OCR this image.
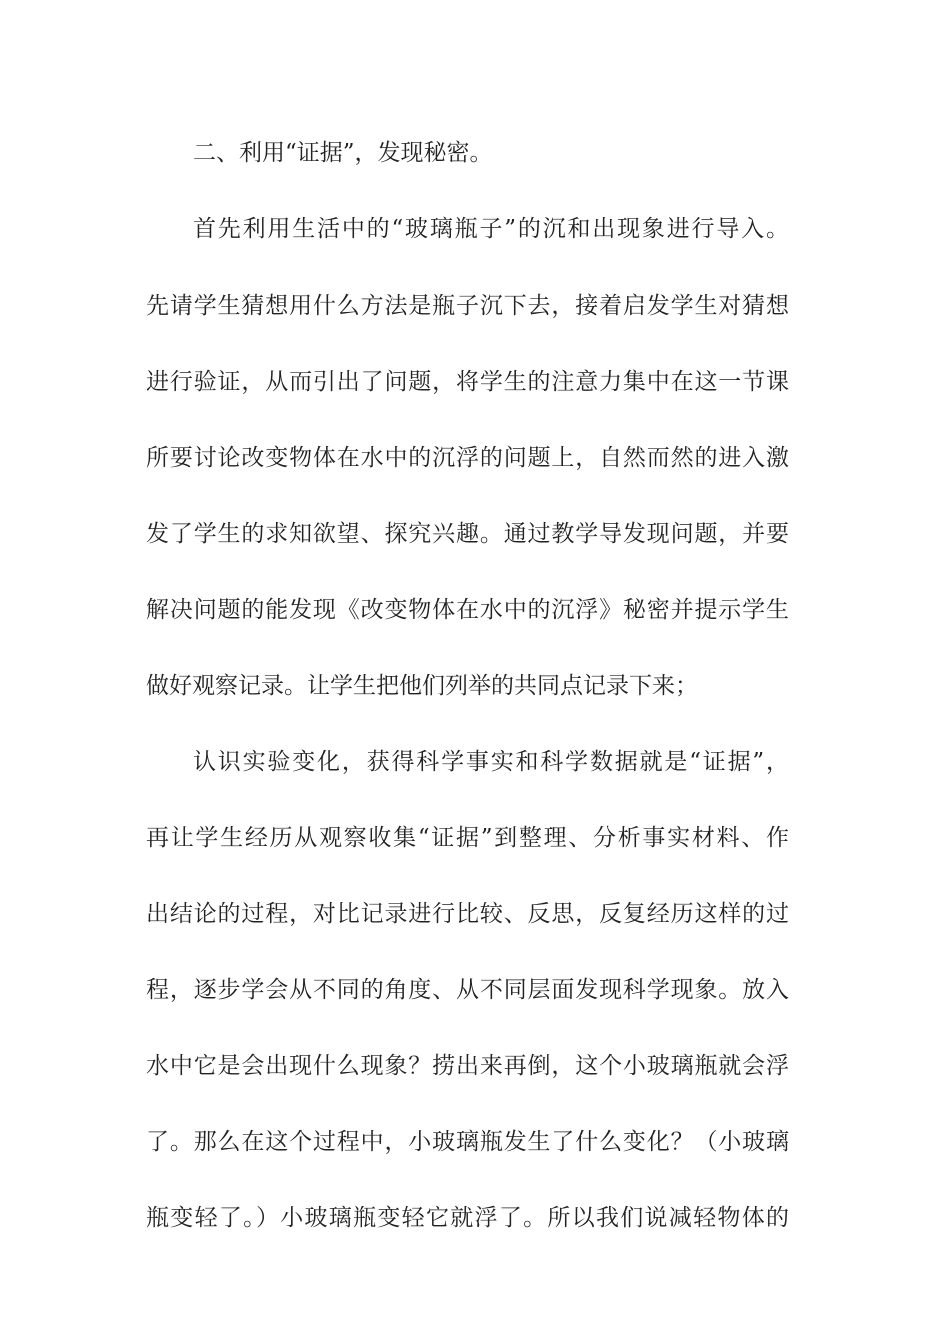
二、利用“证据”，发现秘密。
首先利用生活中的“玻璃瓶子”的沉和出现象进行导入。
先请学生猜想用什么方法是瓶子沉下去，接着启发学生对猜想
进行验证，从而引出了问题，将学生的注意力集中在这一节课
所要讨论改变物体在水中的沉浮的问题上，自然而然的进入激
发了学生的求知欲望、探究兴趣。通过教学导发现问题，并要
解决问题的能发现《改变物体在水中的沉浮》秘密并提示学生
做好观察记录。让学生把他们列举的共同点记录下来；
认识实验变化，获得科学事实和科学数据就是“证据”，
再让学生经历从观察收集“证据”到整理、分析事实材料、作
出结论的过程，对比记录进行比较、反思，反复经历这样的过
程，逐步学会从不同的角度、从不同层面发现科学现象。放入
水中它是会出现什么现象？捞出来再倒，这个小玻璃瓶就会浮
了。那么在这个过程中，小玻璃瓶发生了什么变化？（小玻璃
瓶变轻了。）小玻璃瓶变轻它就浮了。所以我们说减轻物体的
